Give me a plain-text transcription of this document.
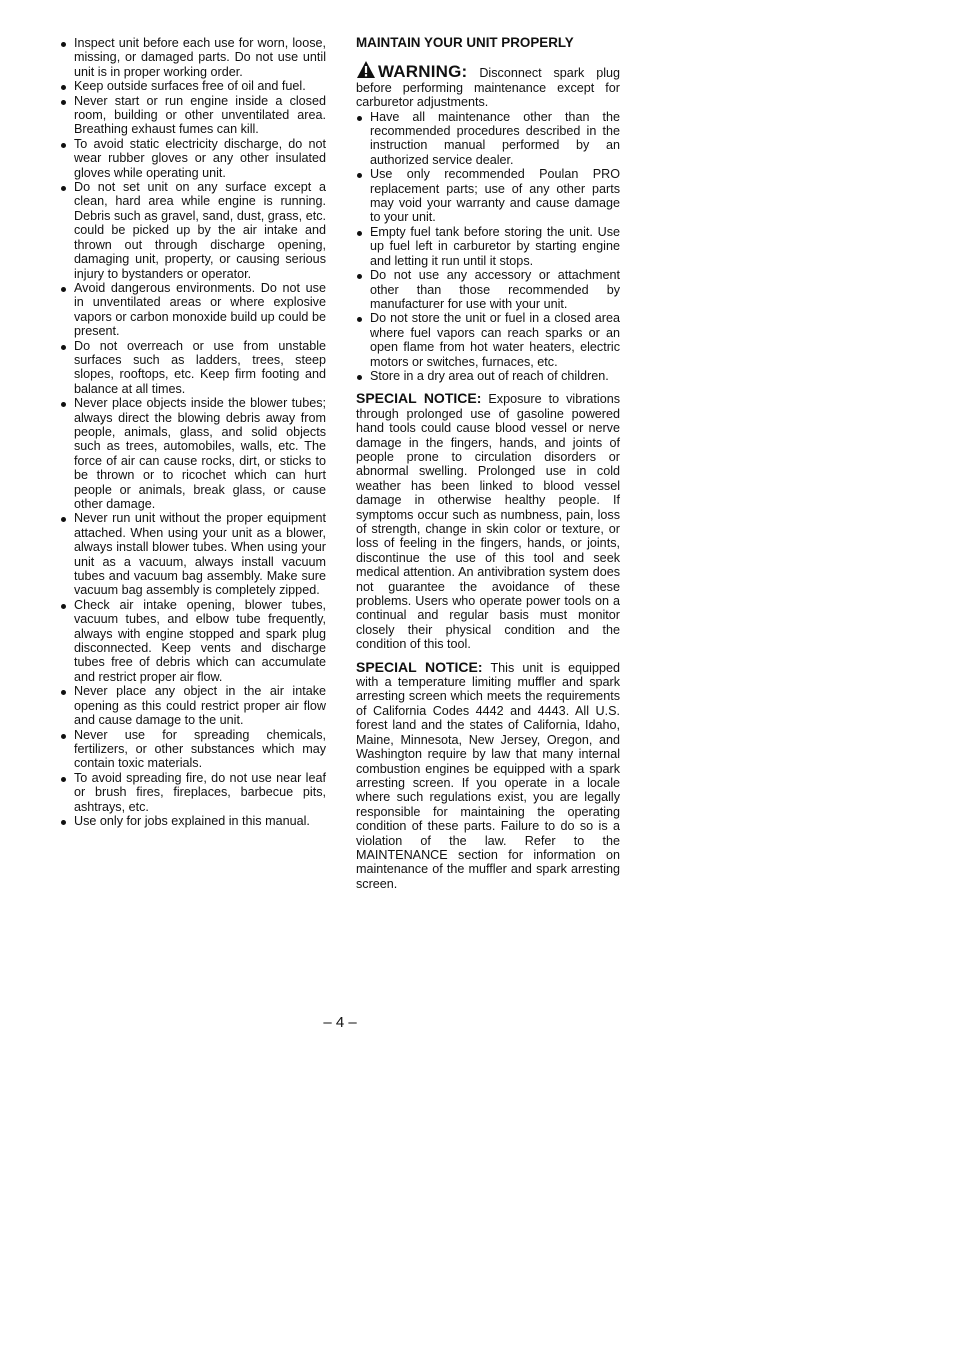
Inspect unit before each use for worn, loose, missing, or damaged parts. Do not use until unit is in proper working order.
Keep outside surfaces free of oil and fuel.
Never start or run engine inside a closed room, building or other unventilated area. Breathing exhaust fumes can kill.
To avoid static electricity discharge, do not wear rubber gloves or any other insulated gloves while operating unit.
Do not set unit on any surface except a clean, hard area while engine is running. Debris such as gravel, sand, dust, grass, etc. could be picked up by the air intake and thrown out through discharge opening, damaging unit, property, or causing serious injury to bystanders or operator.
Avoid dangerous environments. Do not use in unventilated areas or where explosive vapors or carbon monoxide build up could be present.
Do not overreach or use from unstable surfaces such as ladders, trees, steep slopes, rooftops, etc. Keep firm footing and balance at all times.
Never place objects inside the blower tubes; always direct the blowing debris away from people, animals, glass, and solid objects such as trees, automobiles, walls, etc. The force of air can cause rocks, dirt, or sticks to be thrown or to ricochet which can hurt people or animals, break glass, or cause other damage.
Never run unit without the proper equipment attached. When using your unit as a blower, always install blower tubes. When using your unit as a vacuum, always install vacuum tubes and vacuum bag assembly. Make sure vacuum bag assembly is completely zipped.
Check air intake opening, blower tubes, vacuum tubes, and elbow tube frequently, always with engine stopped and spark plug disconnected. Keep vents and discharge tubes free of debris which can accumulate and restrict proper air flow.
Never place any object in the air intake opening as this could restrict proper air flow and cause damage to the unit.
Never use for spreading chemicals, fertilizers, or other substances which may contain toxic materials.
To avoid spreading fire, do not use near leaf or brush fires, fireplaces, barbecue pits, ashtrays, etc.
Use only for jobs explained in this manual.
MAINTAIN YOUR UNIT PROPERLY

WARNING: Disconnect spark plug before performing maintenance except for carburetor adjustments.

Have all maintenance other than the recommended procedures described in the instruction manual performed by an authorized service dealer.
Use only recommended Poulan PRO replacement parts; use of any other parts may void your warranty and cause damage to your unit.
Empty fuel tank before storing the unit. Use up fuel left in carburetor by starting engine and letting it run until it stops.
Do not use any accessory or attachment other than those recommended by manufacturer for use with your unit.
Do not store the unit or fuel in a closed area where fuel vapors can reach sparks or an open flame from hot water heaters, electric motors or switches, furnaces, etc.
Store in a dry area out of reach of children.

SPECIAL NOTICE: Exposure to vibrations through prolonged use of gasoline powered hand tools could cause blood vessel or nerve damage in the fingers, hands, and joints of people prone to circulation disorders or abnormal swelling. Prolonged use in cold weather has been linked to blood vessel damage in otherwise healthy people. If symptoms occur such as numbness, pain, loss of strength, change in skin color or texture, or loss of feeling in the fingers, hands, or joints, discontinue the use of this tool and seek medical attention. An antivibration system does not guarantee the avoidance of these problems. Users who operate power tools on a continual and regular basis must monitor closely their physical condition and the condition of this tool.

SPECIAL NOTICE: This unit is equipped with a temperature limiting muffler and spark arresting screen which meets the requirements of California Codes 4442 and 4443. All U.S. forest land and the states of California, Idaho, Maine, Minnesota, New Jersey, Oregon, and Washington require by law that many internal combustion engines be equipped with a spark arresting screen. If you operate in a locale where such regulations exist, you are legally responsible for maintaining the operating condition of these parts. Failure to do so is a violation of the law. Refer to the MAINTENANCE section for information on maintenance of the muffler and spark arresting screen.

– 4 –
